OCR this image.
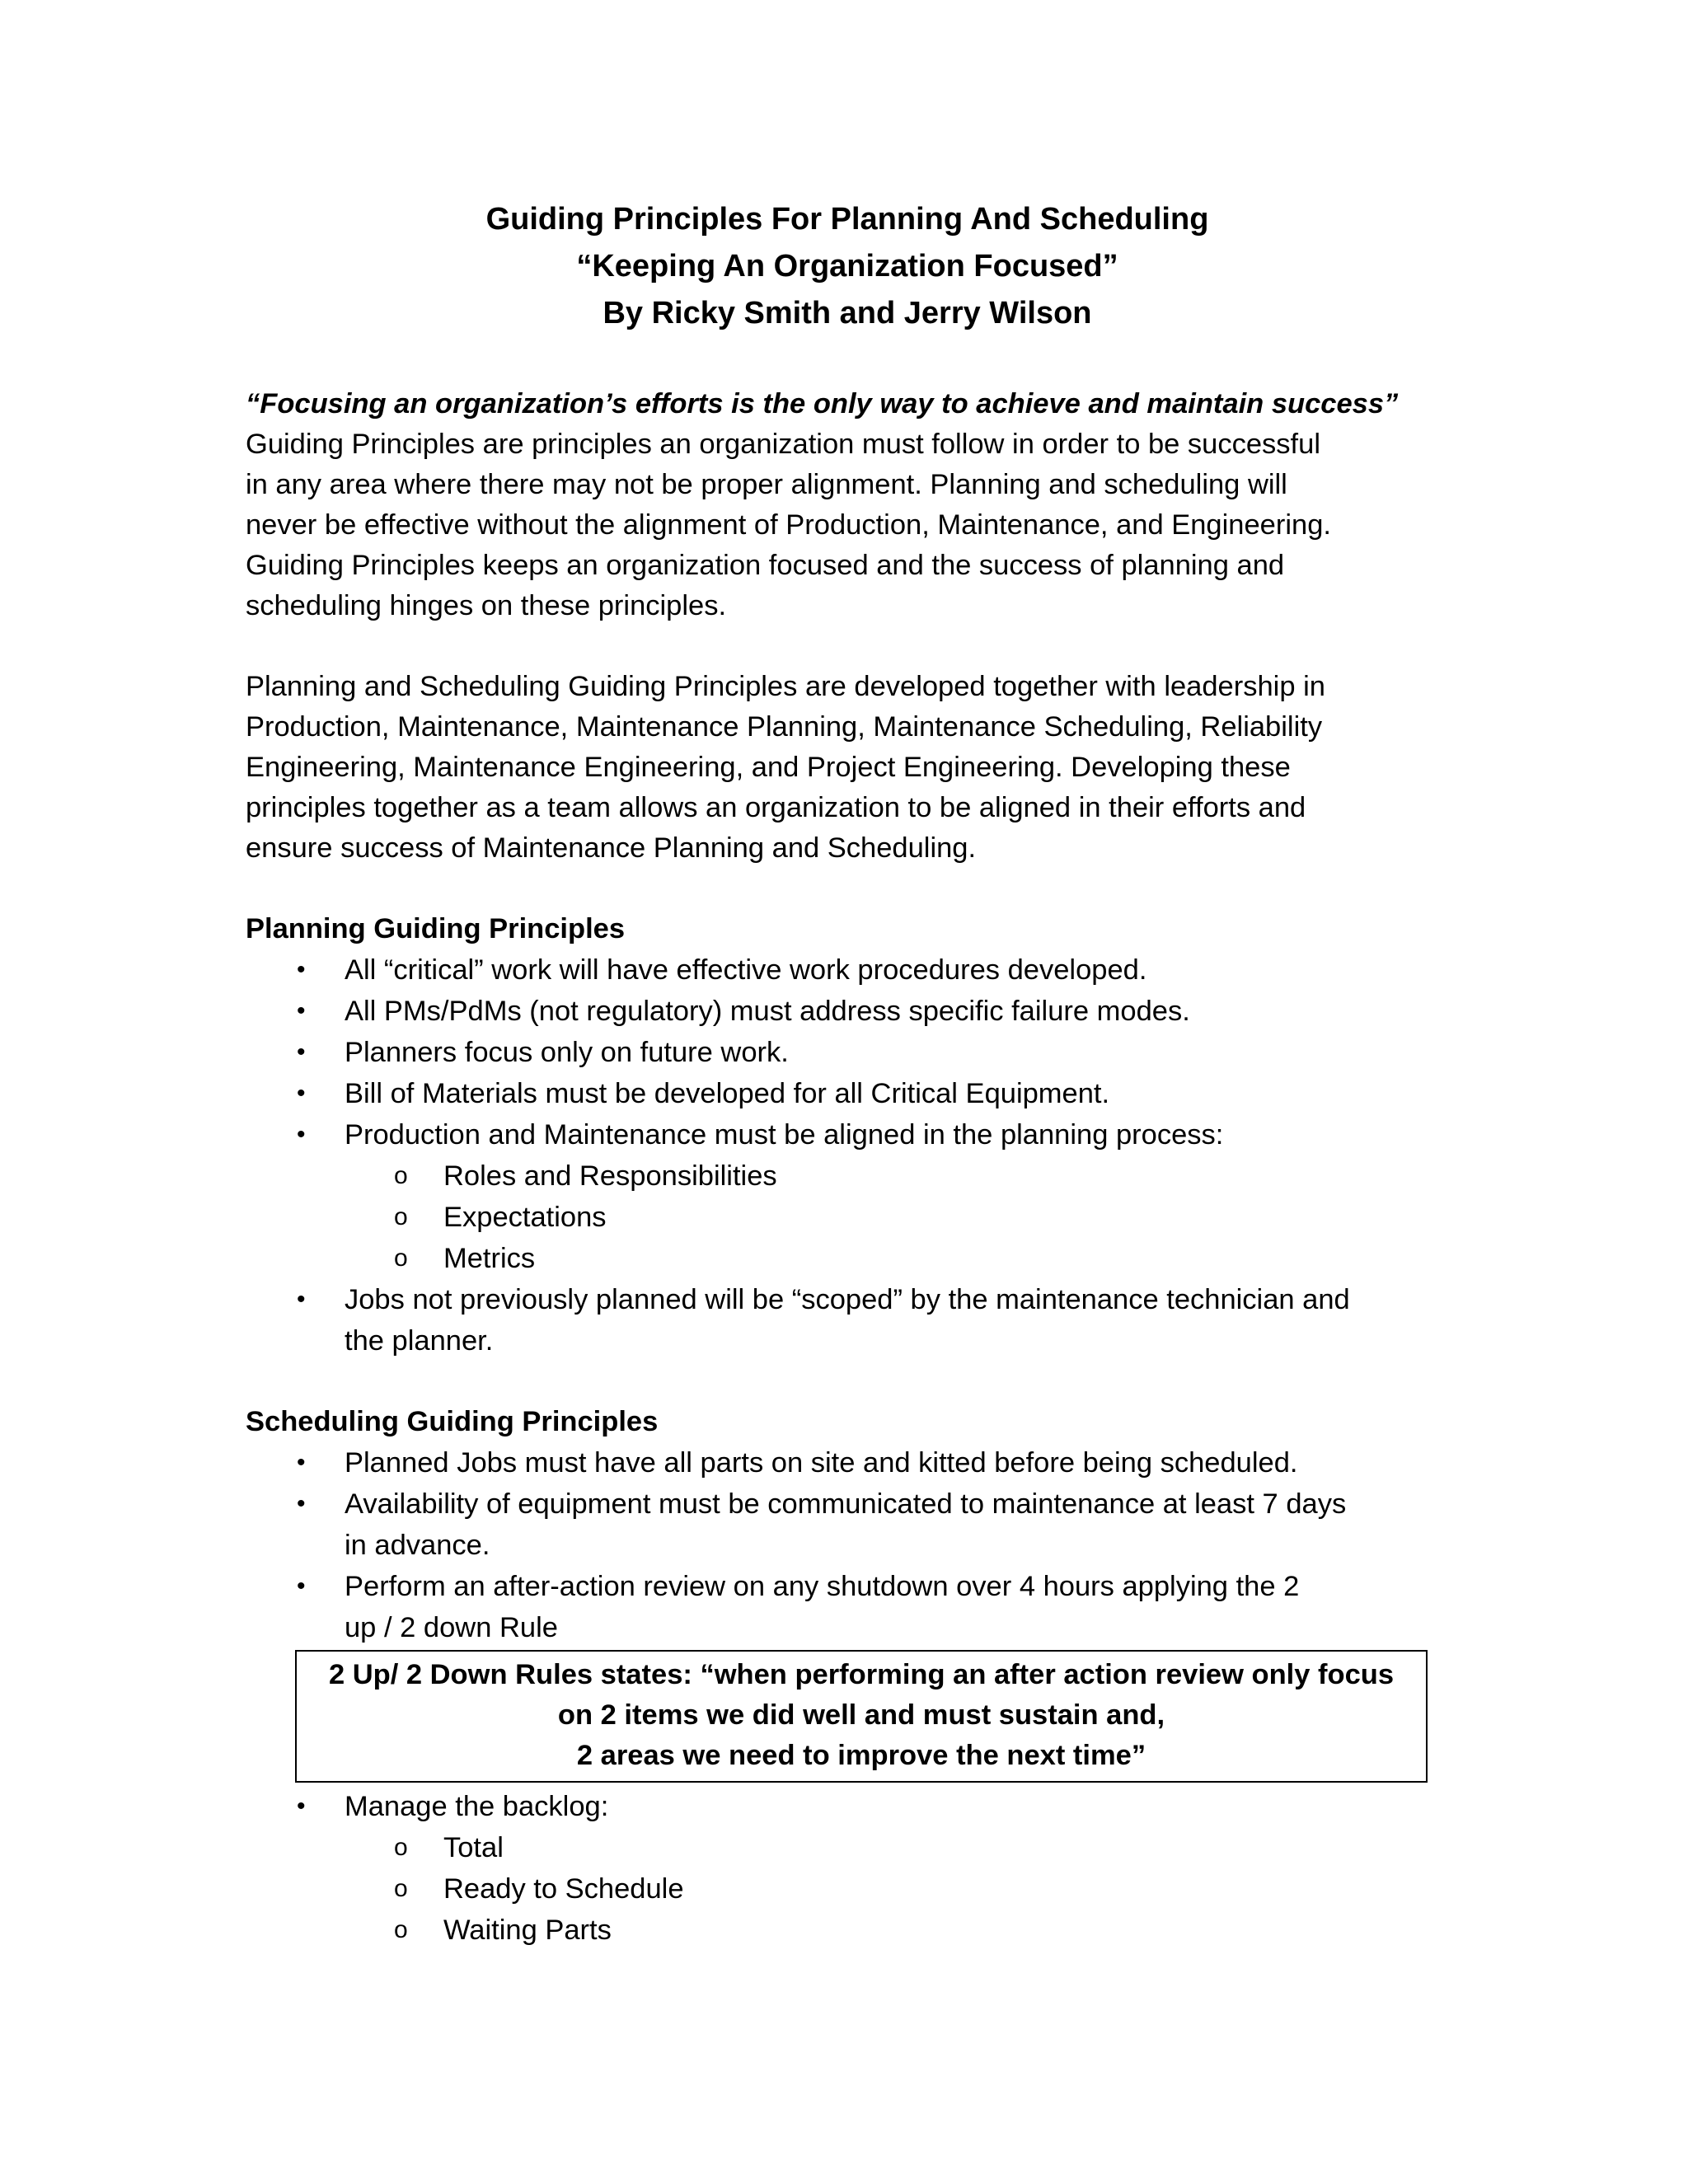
Guiding Principles For Planning And Scheduling
“Keeping An Organization Focused”
By Ricky Smith and Jerry Wilson
“Focusing an organization’s efforts is the only way to achieve and maintain success”
Guiding Principles are principles an organization must follow in order to be successful
in any area where there may not be proper alignment. Planning and scheduling will
never be effective without the alignment of Production, Maintenance, and Engineering.
Guiding Principles keeps an organization focused and the success of planning and
scheduling hinges on these principles.
Planning and Scheduling Guiding Principles are developed together with leadership in
Production, Maintenance, Maintenance Planning, Maintenance Scheduling, Reliability
Engineering, Maintenance Engineering, and Project Engineering. Developing these
principles together as a team allows an organization to be aligned in their efforts and
ensure success of Maintenance Planning and Scheduling.
Planning Guiding Principles
• All “critical” work will have effective work procedures developed.
• All PMs/PdMs (not regulatory) must address specific failure modes.
• Planners focus only on future work.
• Bill of Materials must be developed for all Critical Equipment.
• Production and Maintenance must be aligned in the planning process:
o Roles and Responsibilities
o Expectations
o Metrics
• Jobs not previously planned will be “scoped” by the maintenance technician and
the planner.
Scheduling Guiding Principles
• Planned Jobs must have all parts on site and kitted before being scheduled.
• Availability of equipment must be communicated to maintenance at least 7 days
in advance.
• Perform an after-action review on any shutdown over 4 hours applying the 2
up / 2 down Rule
2 Up/ 2 Down Rules states: “when performing an after action review only focus
on 2 items we did well and must sustain and,
2 areas we need to improve the next time”
• Manage the backlog:
o Total
o Ready to Schedule
o Waiting Parts
